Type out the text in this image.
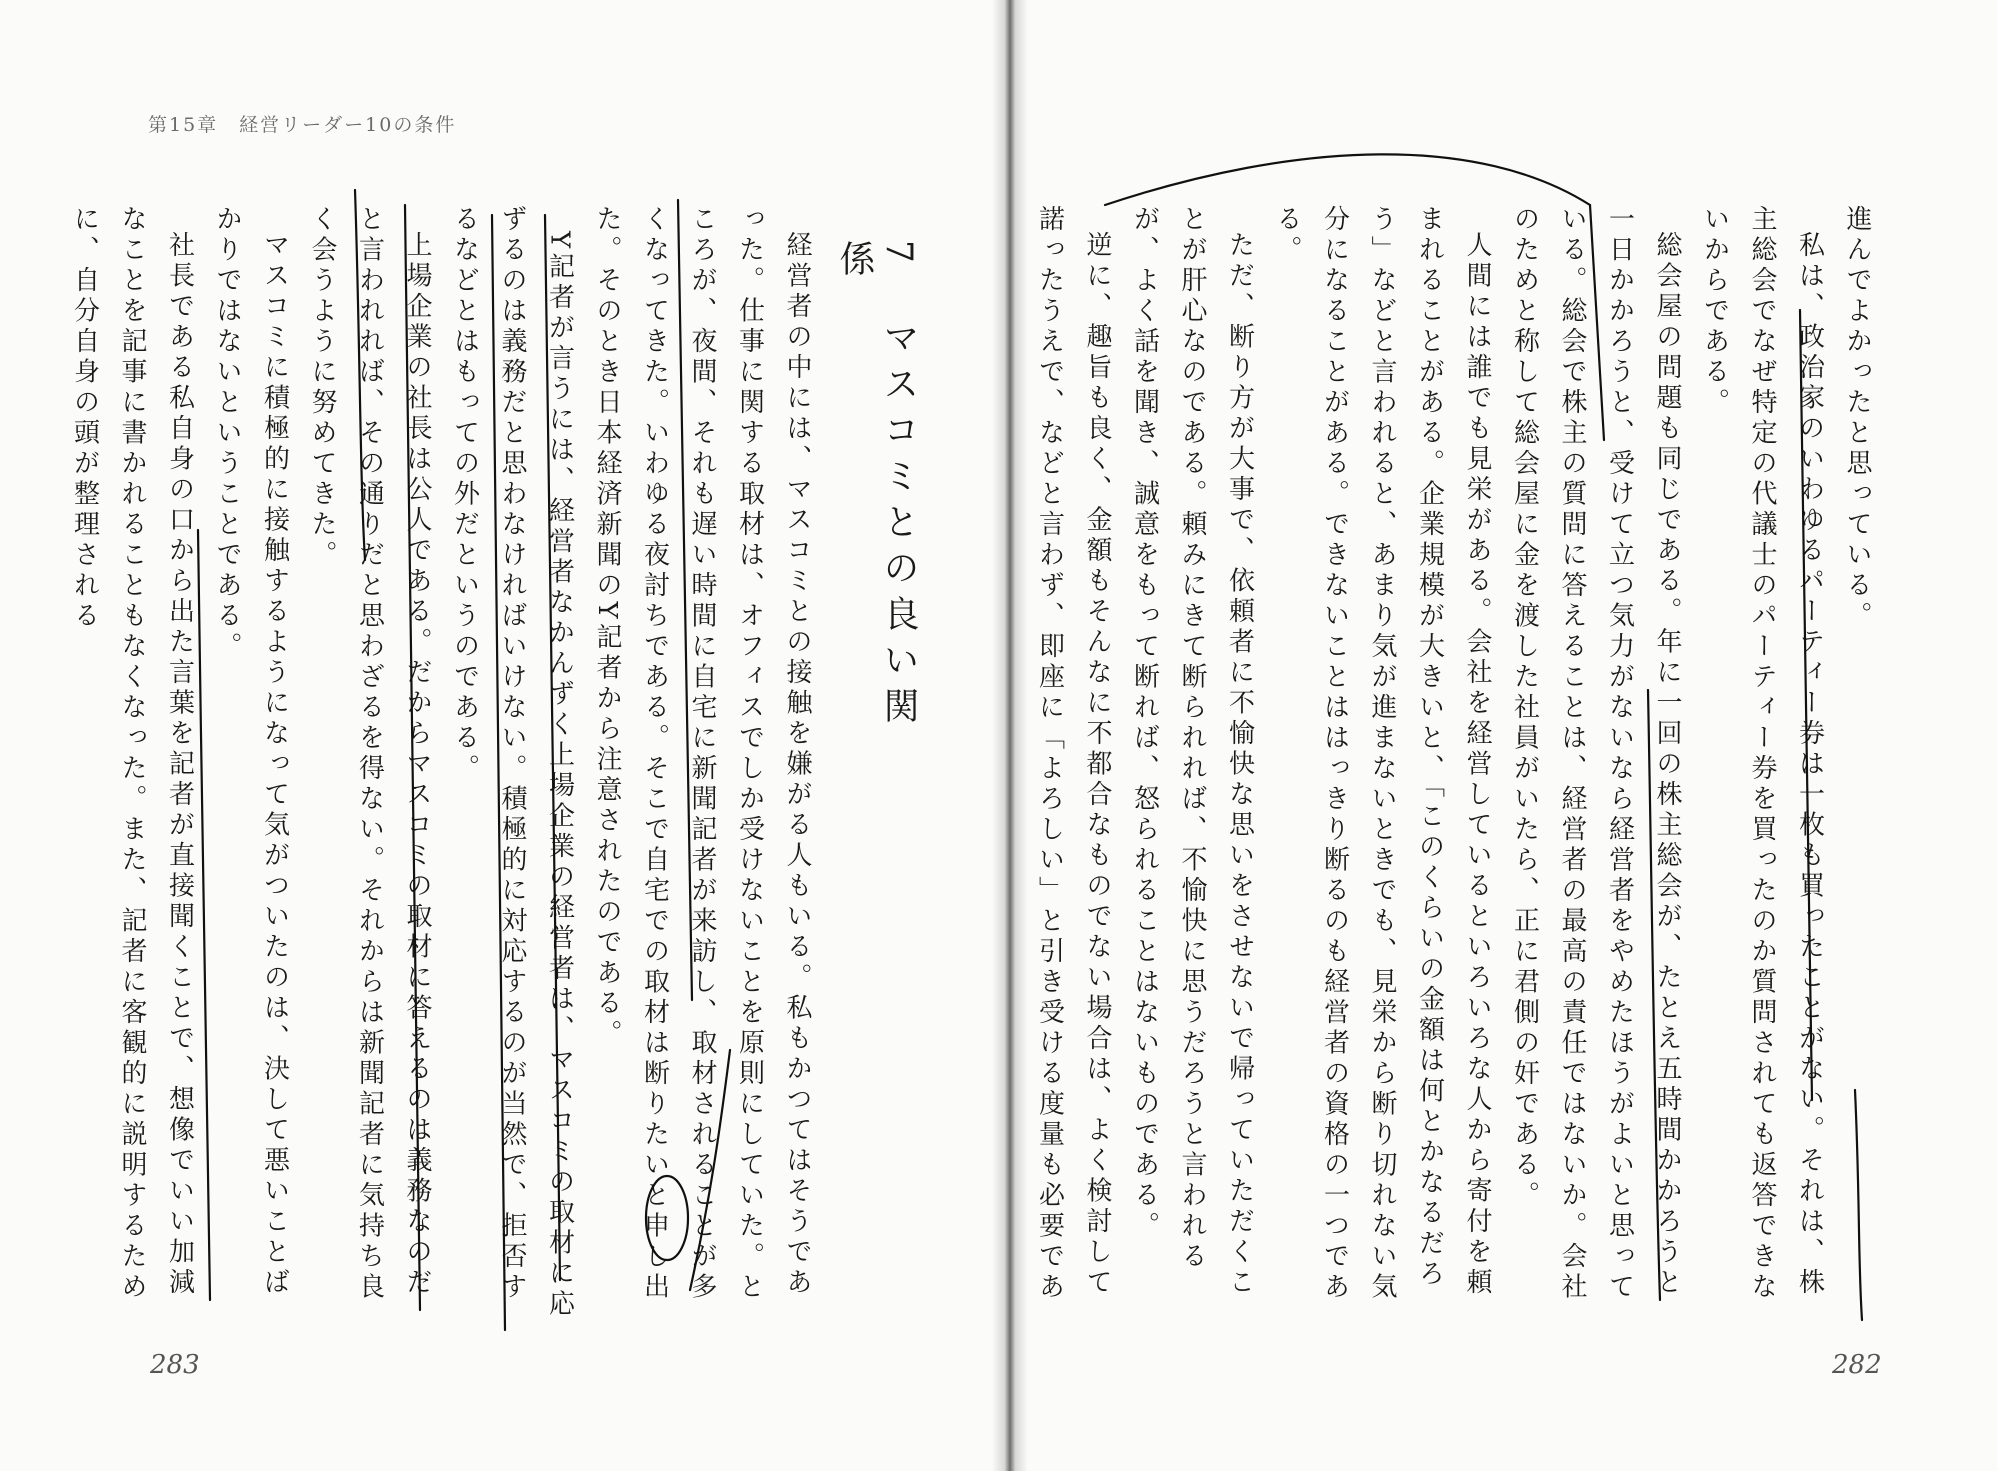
第15章　経営リーダー10の条件
7　マスコミとの良い関係
経営者の中には、マスコミとの接触を嫌がる人もいる。私もかつてはそうであった。仕事に関する取材は、オフィスでしか受けないことを原則にしていた。ところが、夜間、それも遅い時間に自宅に新聞記者が来訪し、取材されることが多くなってきた。いわゆる夜討ちである。そこで自宅での取材は断りたいと申し出た。そのとき日本経済新聞のY記者から注意されたのである。
Y記者が言うには、経営者なかんずく上場企業の経営者は、マスコミの取材に応ずるのは義務だと思わなければいけない。積極的に対応するのが当然で、拒否するなどとはもっての外だというのである。
上場企業の社長は公人である。だからマスコミの取材に答えるのは義務なのだと言われれば、その通りだと思わざるを得ない。それからは新聞記者に気持ち良く会うように努めてきた。
マスコミに積極的に接触するようになって気がついたのは、決して悪いことばかりではないということである。
社長である私自身の口から出た言葉を記者が直接聞くことで、想像でいい加減なことを記事に書かれることもなくなった。また、記者に客観的に説明するために、自分自身の頭が整理される
283	282
進んでよかったと思っている。
私は、政治家のいわゆるパーティー券は一枚も買ったことがない。それは、株主総会でなぜ特定の代議士のパーティー券を買ったのか質問されても返答できないからである。
総会屋の問題も同じである。年に一回の株主総会が、たとえ五時間かかろうと一日かかろうと、受けて立つ気力がないなら経営者をやめたほうがよいと思っている。総会で株主の質問に答えることは、経営者の最高の責任ではないか。会社のためと称して総会屋に金を渡した社員がいたら、正に君側の奸である。
人間には誰でも見栄がある。会社を経営しているといろいろな人から寄付を頼まれることがある。企業規模が大きいと、「このくらいの金額は何とかなるだろう」などと言われると、あまり気が進まないときでも、見栄から断り切れない気分になることがある。できないことははっきり断るのも経営者の資格の一つである。
ただ、断り方が大事で、依頼者に不愉快な思いをさせないで帰っていただくことが肝心なのである。頼みにきて断られれば、不愉快に思うだろうと言われるが、よく話を聞き、誠意をもって断れば、怒られることはないものである。
逆に、趣旨も良く、金額もそんなに不都合なものでない場合は、よく検討して諾ったうえで、などと言わず、即座に「よろしい」と引き受ける度量も必要であ
